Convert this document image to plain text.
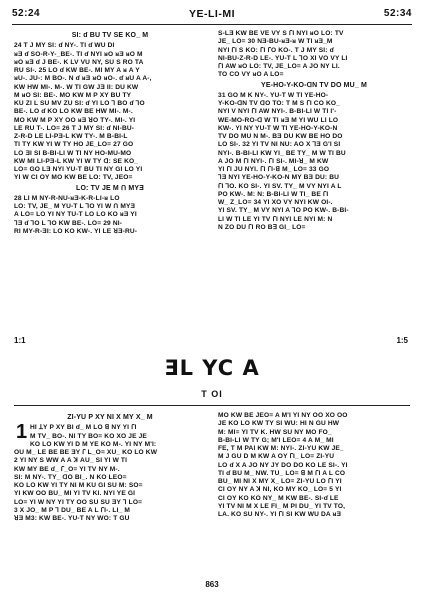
52:24	YE-LI-MI	52:34

SI: ɗ BU TV SE KO_ M

24 T J MY SI: ɗ NY-. TI ɗ WU DI

ᴚƎ ɗ SO-R-Y-_BE-. TI ɗ NYI ᴚO ᴚƎ ᴚO M

ᴚO ᴚƎ ɗ J BE-. K LV VU NY, SU S RO TA

RU SI-. 25 LO ɗ KW BE-. MI MY A ᴚ A Y

ᴚU-. JU-: M BO-. N ɗ ᴚƎ ᴚO ᴚO-. ɗ ᴚU A A-,

KW HW MI-. M-. W TI GW JƎ ƖI: DU KW

M ᴚO SI: BE-. MO KW M P XY BU TY

KU ZI L SU MV ZU SI: ɗ YI LO ꓶ BO ɗ ꓶO

BE-. LO ɗ KO LO KW BE HW MI-. M-.

MO KW M P XY OO ᴚƎ ꓤO TY-. MI-. YI

LE RU T-. LO= 26 T J MY SI: ɗ NI-BU-

Z-R-D LE LI-PƎ-L KW TY-. M B-BI-L

TI TY KW YI W TY HO JE_LO= 27 GO

LO ƎƖ SI B-BI-LI W TI NY HO-MU-MO

KW MI LI-PƎ-L KW YI W TY ᗡ: SE KO_

LO= GO LƎ NYI YU-T BU TI NY GI LO YI

YI W CI OY MO KW BE LO: TV, JEO=

LO: TV JE M ᑎ MYƎ

28 LI M NY-R-NU-ᴚƎ-K-R-LI-ᴚ LO

LO: TV, JE_ M YU-T L ꓶO YI W ᑎ MYƎ

A LO= LO YI NY TU-T LO LO KO ᴚƎ YI

ꓶƎ ɗ ꓶO L ꓶO KW BE-. LO= 29 NI-

RI MY-R-ƎI: LO KO KW-. YI LE ꓤƎ-RU-

S-LƎ KW BE VE VY S ꓩƖ NYI ᴚO LO: TV

JE_ LO= 30 NƎ-BU-ᴚƎ-ᴚ W TI ᴚƎ_M

NYI ꓩƖ S KO: ꓩƖ ꓩO KO-. T J MY SI: ɗ

NI-BU-Z-R-D LE-. YU-T L ꓶO XI VO VY LI

ꓩƖ AW ᴚO LO: TV, JE_LO= A JO NY LI.

TO CO VY ᴚO A LO=

YE-HO-Y-KO-ꓷN TV DO MU_ M

31 GO M K NY-. YU-T W TI YE-HO-

Y-KO-ꓷN TV ꓷO TO: T M S ꓩƖ CO KO_

NYI V NYI ꓩƖ AW NYI-. B-BI-LI W TI I'-

WE-MO-RO-ꓷ W TI ᴚƎ M YI WU LI LO

KW-. YI NY YU-T W TI YE-HO-Y-KO-N

TV DO MU N M-. BƎ DU KW BE HO DO

LO SI-. 32 YI TV NI NU: AO X ꓶƎ G'I SI

NYI-. B-BI-LI KW YI_ BE TY_ M W TI BU

A JO M ꓩƖ NYI-. ꓩƖ SI-. MI-ꓤ_ M KW

YI ꓩƖ JU NYI. ꓩƖ ꓩƖ-ꓭ M_ LO= 33 GO

ꓶƎ NYI YE-HO-Y-KO-N MY BƎ DU: BU

ꓩƖ ꓶO. KO SI-. YI SV. TY_ M VY NYI A L

PO KW-. M: N: B-BI-LI W TI_ BE ꓩƖ

W_ Z_LO= 34 YI XO VY NYI KW OI-.

YI SV. TY_ M VY NYI A ꓶO PO KW-. B-BI-

LI W TI LE YI TV ꓩƖ NYI LE NYI M: N

N ZO DU ꓩƖ RO B∃ GƖ_ LO=

1:1	1:5
ƎL YC A
T OƖ
1

ZI-YU P XY NI X MY X_ M

HI ꓕY P XY BI ɗ_ M LO ꓭ NY YI ꓩƖ

M TV_ BO-. NI TY BO= KO XO JE JE

KO LO KW YI D M YE KO M-. YI NY M'I:

OU M_ LE BE BE ƎY ꓩ L_O= XU_ KO LO KW

2 YI NY S WW A A ꓘ AU_ SI YI W TI

KW MY BE ɗ_ ꓩ_O= YI TV NY M-.

SI: M NY-. TY_ ꓷO BI_. N KO LEO=

KO LO KW YI TY NI M KU GI SU M: SO=

YI KW OO BU_ MI YI TV KI. NYI YE GI

LO= YI W NY YI TY OO SU SU ƎY ꓶ LO=

3 X JO_ M P ꓶ DU_ BE A L ꓩƖ-. LI_ M

ꓤƎ M3: KW BE-. YU-T NY WO: T GU

MO KW BE JEO= A M'I YI NY OO XO OO

JE KO LO KW TY SI WU: HI N GU HW

M: MI= YI TV K. HW SU NY MO FO_

B-BI-LI W TY G; M'I LEO= 4 A M_ MI

FE, T M PAI KW M: NYI-. ZI-YU KW JE_

M J GU D M KW A OY ꓩƖ_ LO= ZI-YU

LO ɗ X A JO NY JY DO DO KO LE SI-. YI

TI ɗ BU M_ NW. TU_ LO= ꓭ M ꓩƖ A L CO

BU_ MI NI X MY X_ LO= ZI-YU LO ꓩƖ YI

CI OY NY A ꓘ NI, KO MY KO_ LO= 5 YI

CI OY KO KO NY_ M KW BE-. SI-ɗ LE

YI TV NI M X LE FI_ M PI DU_ YI TV TO,

LA. KO SU NY-. YI ꓩƖ SI KW WU DA ᴚƎ

863
